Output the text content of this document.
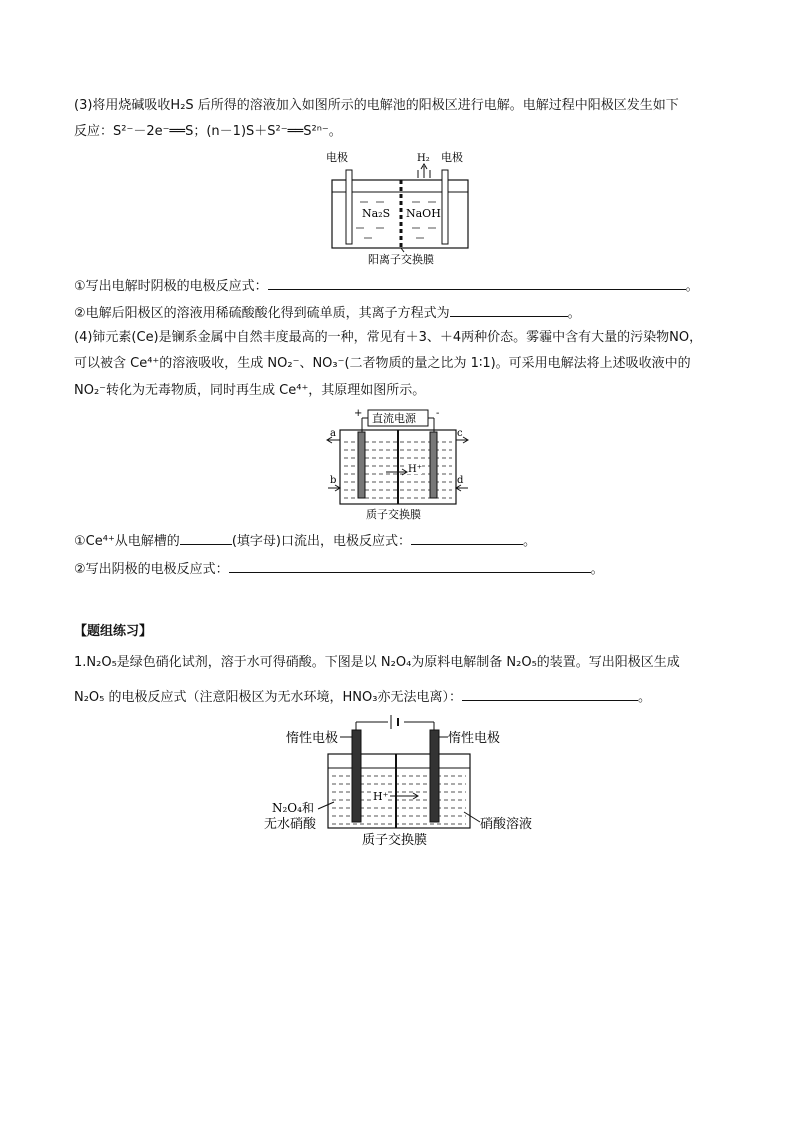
(3)将用烧碱吸收H₂S 后所得的溶液加入如图所示的电解池的阳极区进行电解。电解过程中阳极区发生如下
反应：S²⁻－2e⁻══S；(n－1)S＋S²⁻══S²ⁿ⁻。
电极	H₂ 电极
Na₂S NaOH
阳离子交换膜
①写出电解时阴极的电极反应式：	。
②电解后阳极区的溶液用稀硫酸酸化得到硫单质，其离子方程式为	。
(4)铈元素(Ce)是镧系金属中自然丰度最高的一种，常见有＋3、＋4两种价态。雾霾中含有大量的污染物NO，
可以被含 Ce⁴⁺的溶液吸收，生成 NO₂⁻、NO₃⁻(二者物质的量之比为 1∶1)。可采用电解法将上述吸收液中的
NO₂⁻转化为无毒物质，同时再生成 Ce⁴⁺，其原理如图所示。
+	-
直流电源
H⁺
a
b
c
d
质子交换膜
①Ce⁴⁺从电解槽的	(填字母)口流出，电极反应式：	。
②写出阴极的电极反应式：	。
【题组练习】
1.N₂O₅是绿色硝化试剂，溶于水可得硝酸。下图是以 N₂O₄为原料电解制备 N₂O₅的装置。写出阳极区生成
N₂O₅ 的电极反应式（注意阳极区为无水环境，HNO₃亦无法电离）：	。
惰性电极	惰性电极
H⁺
N₂O₄和
无水硝酸	硝酸溶液
质子交换膜
